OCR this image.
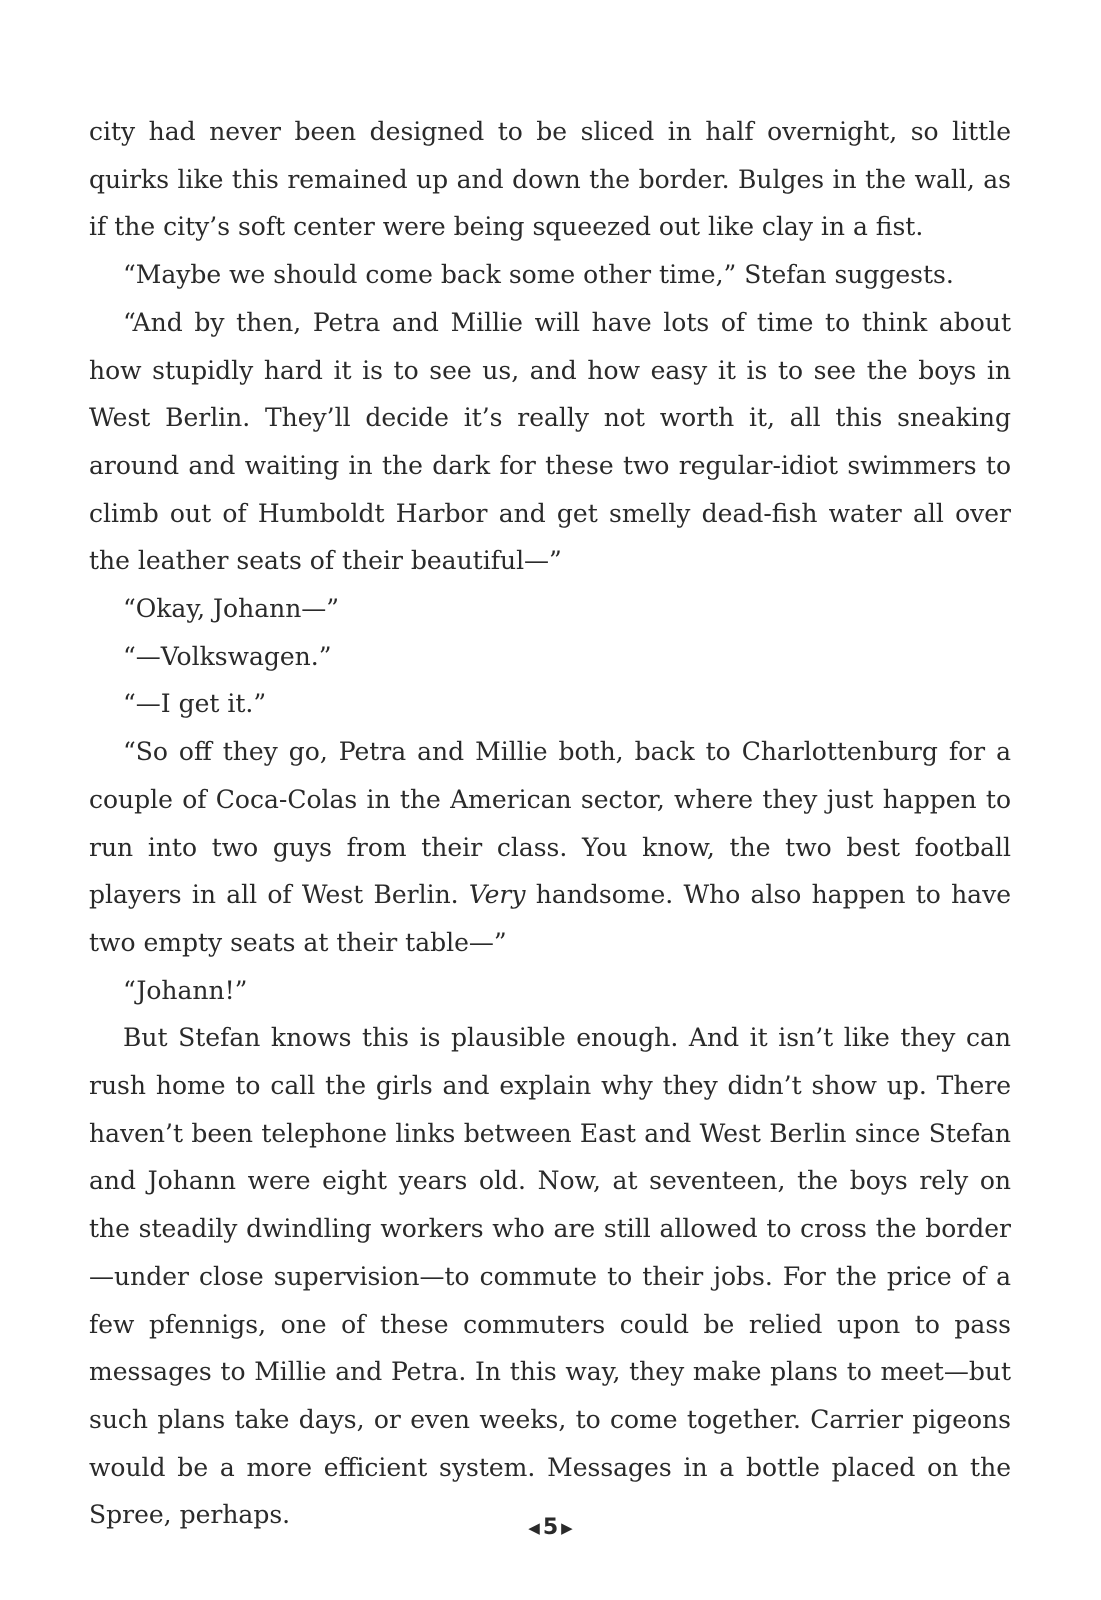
city had never been designed to be sliced in half overnight, so little quirks like this remained up and down the border. Bulges in the wall, as if the city’s soft center were being squeezed out like clay in a fist.

“Maybe we should come back some other time,” Stefan suggests.

“And by then, Petra and Millie will have lots of time to think about how stupidly hard it is to see us, and how easy it is to see the boys in West Berlin. They’ll decide it’s really not worth it, all this sneaking around and waiting in the dark for these two regular-idiot swimmers to climb out of Humboldt Harbor and get smelly dead-fish water all over the leather seats of their beautiful—”

“Okay, Johann—”

“—Volkswagen.”

“—I get it.”

“So off they go, Petra and Millie both, back to Charlottenburg for a couple of Coca-Colas in the American sector, where they just happen to run into two guys from their class. You know, the two best football players in all of West Berlin. Very handsome. Who also happen to have two empty seats at their table—”

“Johann!”

But Stefan knows this is plausible enough. And it isn’t like they can rush home to call the girls and explain why they didn’t show up. There haven’t been telephone links between East and West Berlin since Stefan and Johann were eight years old. Now, at seventeen, the boys rely on the steadily dwindling workers who are still allowed to cross the border—under close supervision—to commute to their jobs. For the price of a few pfennigs, one of these commuters could be relied upon to pass messages to Millie and Petra. In this way, they make plans to meet—but such plans take days, or even weeks, to come together. Carrier pigeons would be a more efficient system. Messages in a bottle placed on the Spree, perhaps.	◀ 5 ▶
